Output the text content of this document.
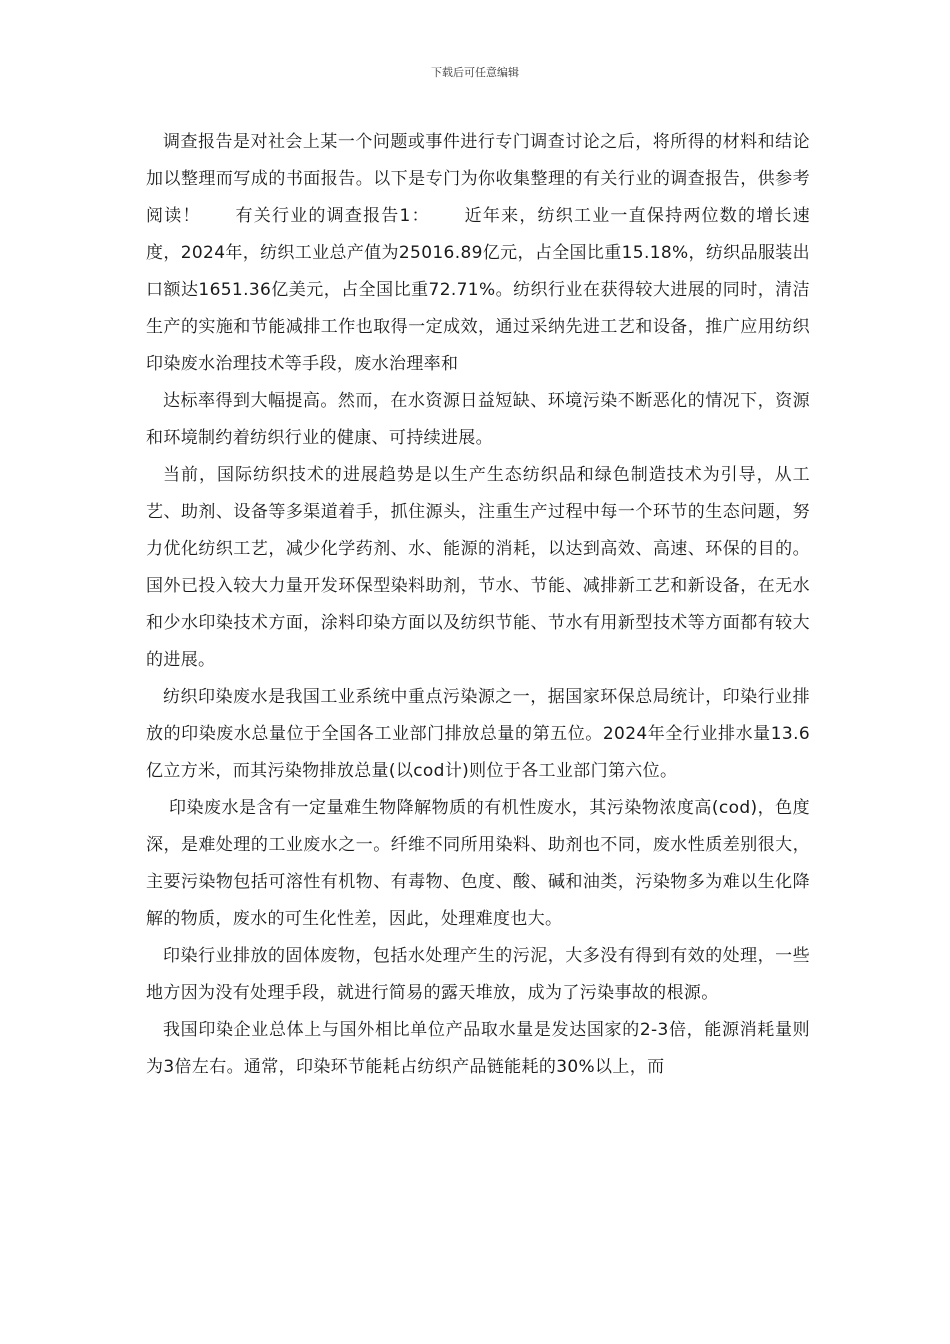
下载后可任意编辑

调查报告是对社会上某一个问题或事件进行专门调查讨论之后，将所得的材料和结论加以整理而写成的书面报告。以下是专门为你收集整理的有关行业的调查报告，供参考阅读！ 有关行业的调查报告1： 近年来，纺织工业一直保持两位数的增长速度，2024年，纺织工业总产值为25016.89亿元，占全国比重15.18%，纺织品服装出口额达1651.36亿美元，占全国比重72.71%。纺织行业在获得较大进展的同时，清洁生产的实施和节能减排工作也取得一定成效，通过采纳先进工艺和设备，推广应用纺织印染废水治理技术等手段，废水治理率和

达标率得到大幅提高。然而，在水资源日益短缺、环境污染不断恶化的情况下，资源和环境制约着纺织行业的健康、可持续进展。

当前，国际纺织技术的进展趋势是以生产生态纺织品和绿色制造技术为引导，从工艺、助剂、设备等多渠道着手，抓住源头，注重生产过程中每一个环节的生态问题，努力优化纺织工艺，减少化学药剂、水、能源的消耗，以达到高效、高速、环保的目的。国外已投入较大力量开发环保型染料助剂，节水、节能、减排新工艺和新设备，在无水和少水印染技术方面，涂料印染方面以及纺织节能、节水有用新型技术等方面都有较大的进展。

纺织印染废水是我国工业系统中重点污染源之一，据国家环保总局统计，印染行业排放的印染废水总量位于全国各工业部门排放总量的第五位。2024年全行业排水量13.6亿立方米，而其污染物排放总量(以cod计)则位于各工业部门第六位。

印染废水是含有一定量难生物降解物质的有机性废水，其污染物浓度高(cod)，色度深，是难处理的工业废水之一。纤维不同所用染料、助剂也不同，废水性质差别很大，主要污染物包括可溶性有机物、有毒物、色度、酸、碱和油类，污染物多为难以生化降解的物质，废水的可生化性差，因此，处理难度也大。

印染行业排放的固体废物，包括水处理产生的污泥，大多没有得到有效的处理，一些地方因为没有处理手段，就进行简易的露天堆放，成为了污染事故的根源。

我国印染企业总体上与国外相比单位产品取水量是发达国家的2-3倍，能源消耗量则为3倍左右。通常，印染环节能耗占纺织产品链能耗的30%以上，而
